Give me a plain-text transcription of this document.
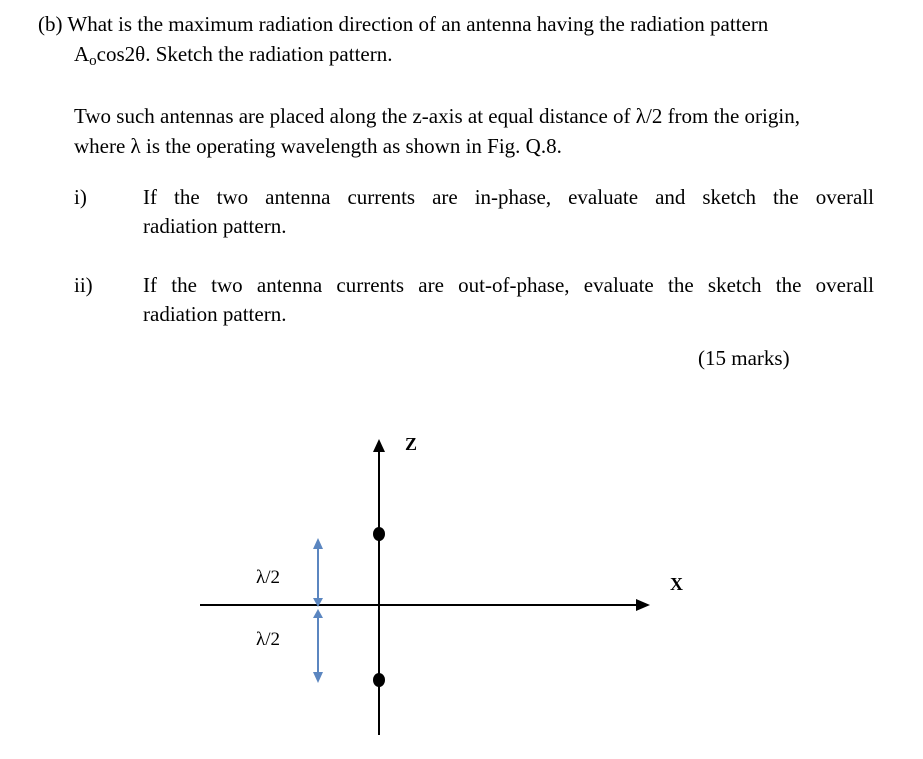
(b) What is the maximum radiation direction of an antenna having the radiation pattern
Aocos2θ. Sketch the radiation pattern.
Two such antennas are placed along the z-axis at equal distance of λ/2 from the origin,
where λ is the operating wavelength as shown in Fig. Q.8.
i)	If the two antenna currents are in-phase, evaluate and sketch the overall
radiation pattern.
ii) If the two antenna currents are out-of-phase, evaluate the sketch the overall
radiation pattern.
(15 marks)
Z
X
λ/2
λ/2
